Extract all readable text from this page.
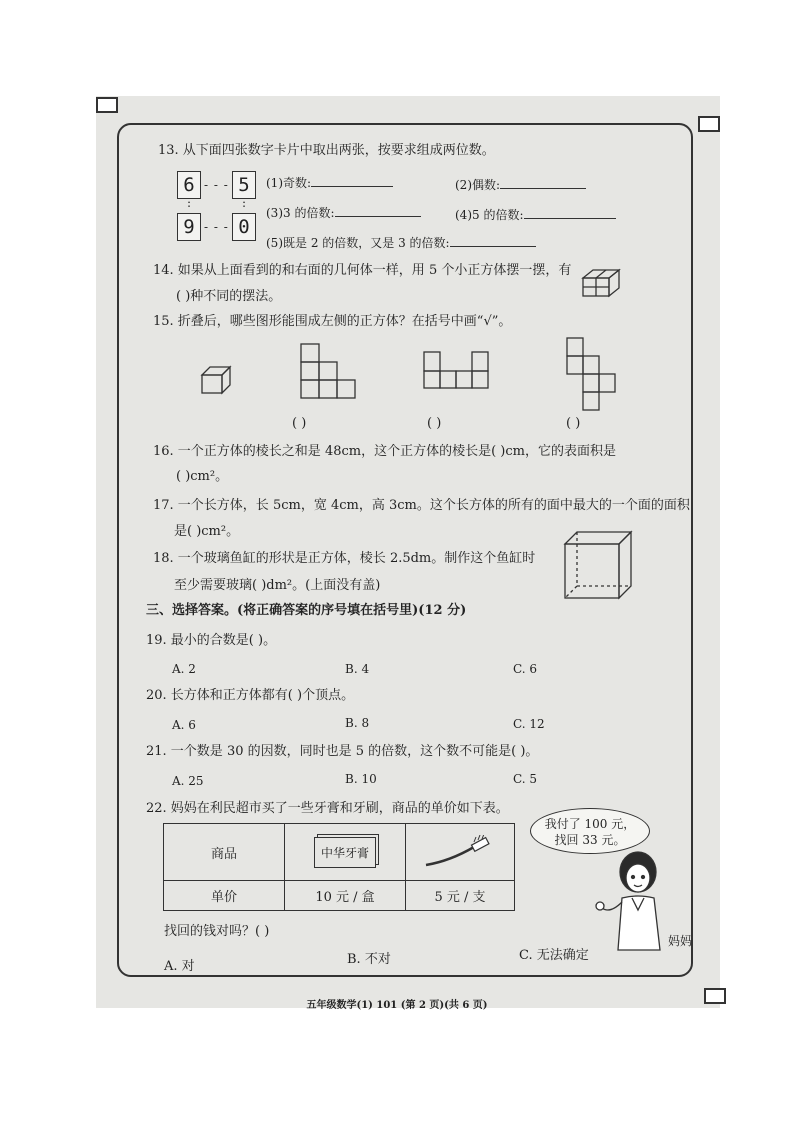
13. 从下面四张数字卡片中取出两张，按要求组成两位数。
6	5
9	0
- - -
- - -
:	:
(1)奇数:	(2)偶数:
(3)3 的倍数:	(4)5 的倍数:
(5)既是 2 的倍数，又是 3 的倍数:
14. 如果从上面看到的和右面的几何体一样，用 5 个小正方体摆一摆，有
( )种不同的摆法。
15. 折叠后，哪些图形能围成左侧的正方体？在括号中画“√”。
( )	( )	( )
16. 一个正方体的棱长之和是 48cm，这个正方体的棱长是( )cm，它的表面积是
( )cm²。
17. 一个长方体，长 5cm，宽 4cm，高 3cm。这个长方体的所有的面中最大的一个面的面积
是( )cm²。
18. 一个玻璃鱼缸的形状是正方体，棱长 2.5dm。制作这个鱼缸时
至少需要玻璃( )dm²。(上面没有盖)
三、选择答案。(将正确答案的序号填在括号里)(12 分)
19. 最小的合数是( )。
A. 2	B. 4	C. 6
20. 长方体和正方体都有( )个顶点。
A. 6	B. 8	C. 12
21. 一个数是 30 的因数，同时也是 5 的倍数，这个数不可能是( )。
A. 25	B. 10	C. 5
22. 妈妈在利民超市买了一些牙膏和牙刷，商品的单价如下表。
商品	中华牙膏	
单价	10 元 / 盒	5 元 / 支
我付了 100 元，
找回 33 元。
妈妈
找回的钱对吗？( )
A. 对	B. 不对	C. 无法确定
五年级数学(1) 101 (第 2 页)(共 6 页)
